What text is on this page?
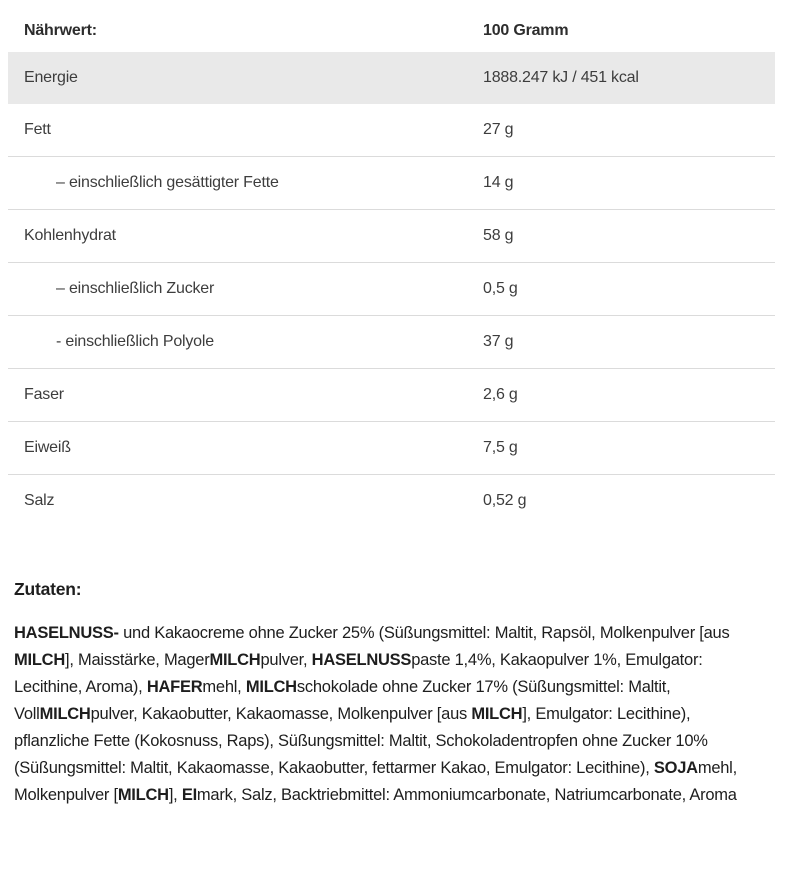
Nährwert:	100 Gramm
Energie	1888.247 kJ / 451 kcal
Fett	27 g
– einschließlich gesättigter Fette	14 g
Kohlenhydrat	58 g
– einschließlich Zucker	0,5 g
- einschließlich Polyole	37 g
Faser	2,6 g
Eiweiß	7,5 g
Salz	0,52 g
Zutaten:

HASELNUSS- und Kakaocreme ohne Zucker 25% (Süßungsmittel: Maltit, Rapsöl, Molkenpulver [aus MILCH], Maisstärke, MagerMILCHpulver, HASELNUSSpaste 1,4%, Kakaopulver 1%, Emulgator: Lecithine, Aroma), HAFERmehl, MILCHschokolade ohne Zucker 17% (Süßungsmittel: Maltit, VollMILCHpulver, Kakaobutter, Kakaomasse, Molkenpulver [aus MILCH], Emulgator: Lecithine), pflanzliche Fette (Kokosnuss, Raps), Süßungsmittel: Maltit, Schokoladentropfen ohne Zucker 10% (Süßungsmittel: Maltit, Kakaomasse, Kakaobutter, fettarmer Kakao, Emulgator: Lecithine), SOJAmehl, Molkenpulver [MILCH], EImark, Salz, Backtriebmittel: Ammoniumcarbonate, Natriumcarbonate, Aroma
